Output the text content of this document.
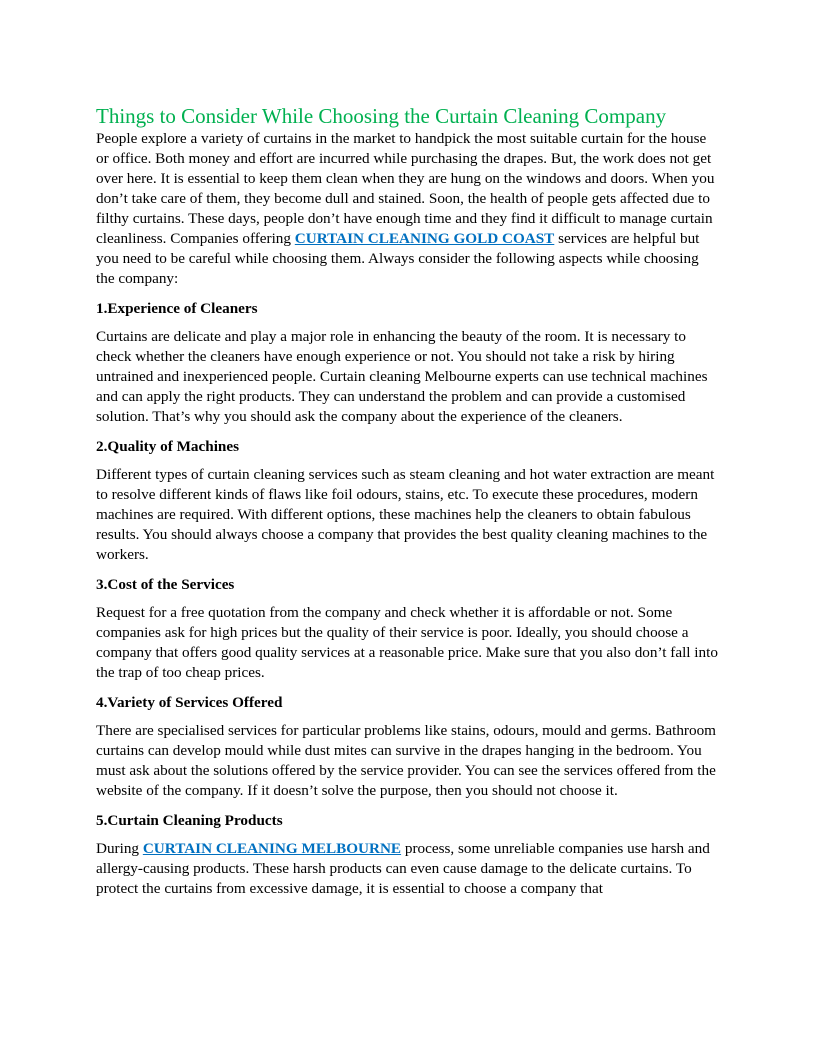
Things to Consider While Choosing the Curtain Cleaning Company

People explore a variety of curtains in the market to handpick the most suitable curtain for the house or office. Both money and effort are incurred while purchasing the drapes. But, the work does not get over here. It is essential to keep them clean when they are hung on the windows and doors. When you don’t take care of them, they become dull and stained. Soon, the health of people gets affected due to filthy curtains. These days, people don’t have enough time and they find it difficult to manage curtain cleanliness. Companies offering CURTAIN CLEANING GOLD COAST services are helpful but you need to be careful while choosing them. Always consider the following aspects while choosing the company:

1.Experience of Cleaners

Curtains are delicate and play a major role in enhancing the beauty of the room. It is necessary to check whether the cleaners have enough experience or not. You should not take a risk by hiring untrained and inexperienced people. Curtain cleaning Melbourne experts can use technical machines and can apply the right products. They can understand the problem and can provide a customised solution. That’s why you should ask the company about the experience of the cleaners.

2.Quality of Machines

Different types of curtain cleaning services such as steam cleaning and hot water extraction are meant to resolve different kinds of flaws like foil odours, stains, etc. To execute these procedures, modern machines are required. With different options, these machines help the cleaners to obtain fabulous results. You should always choose a company that provides the best quality cleaning machines to the workers.

3.Cost of the Services

Request for a free quotation from the company and check whether it is affordable or not. Some companies ask for high prices but the quality of their service is poor. Ideally, you should choose a company that offers good quality services at a reasonable price. Make sure that you also don’t fall into the trap of too cheap prices.

4.Variety of Services Offered

There are specialised services for particular problems like stains, odours, mould and germs. Bathroom curtains can develop mould while dust mites can survive in the drapes hanging in the bedroom. You must ask about the solutions offered by the service provider. You can see the services offered from the website of the company. If it doesn’t solve the purpose, then you should not choose it.

5.Curtain Cleaning Products

During CURTAIN CLEANING MELBOURNE process, some unreliable companies use harsh and allergy-causing products. These harsh products can even cause damage to the delicate curtains. To protect the curtains from excessive damage, it is essential to choose a company that
